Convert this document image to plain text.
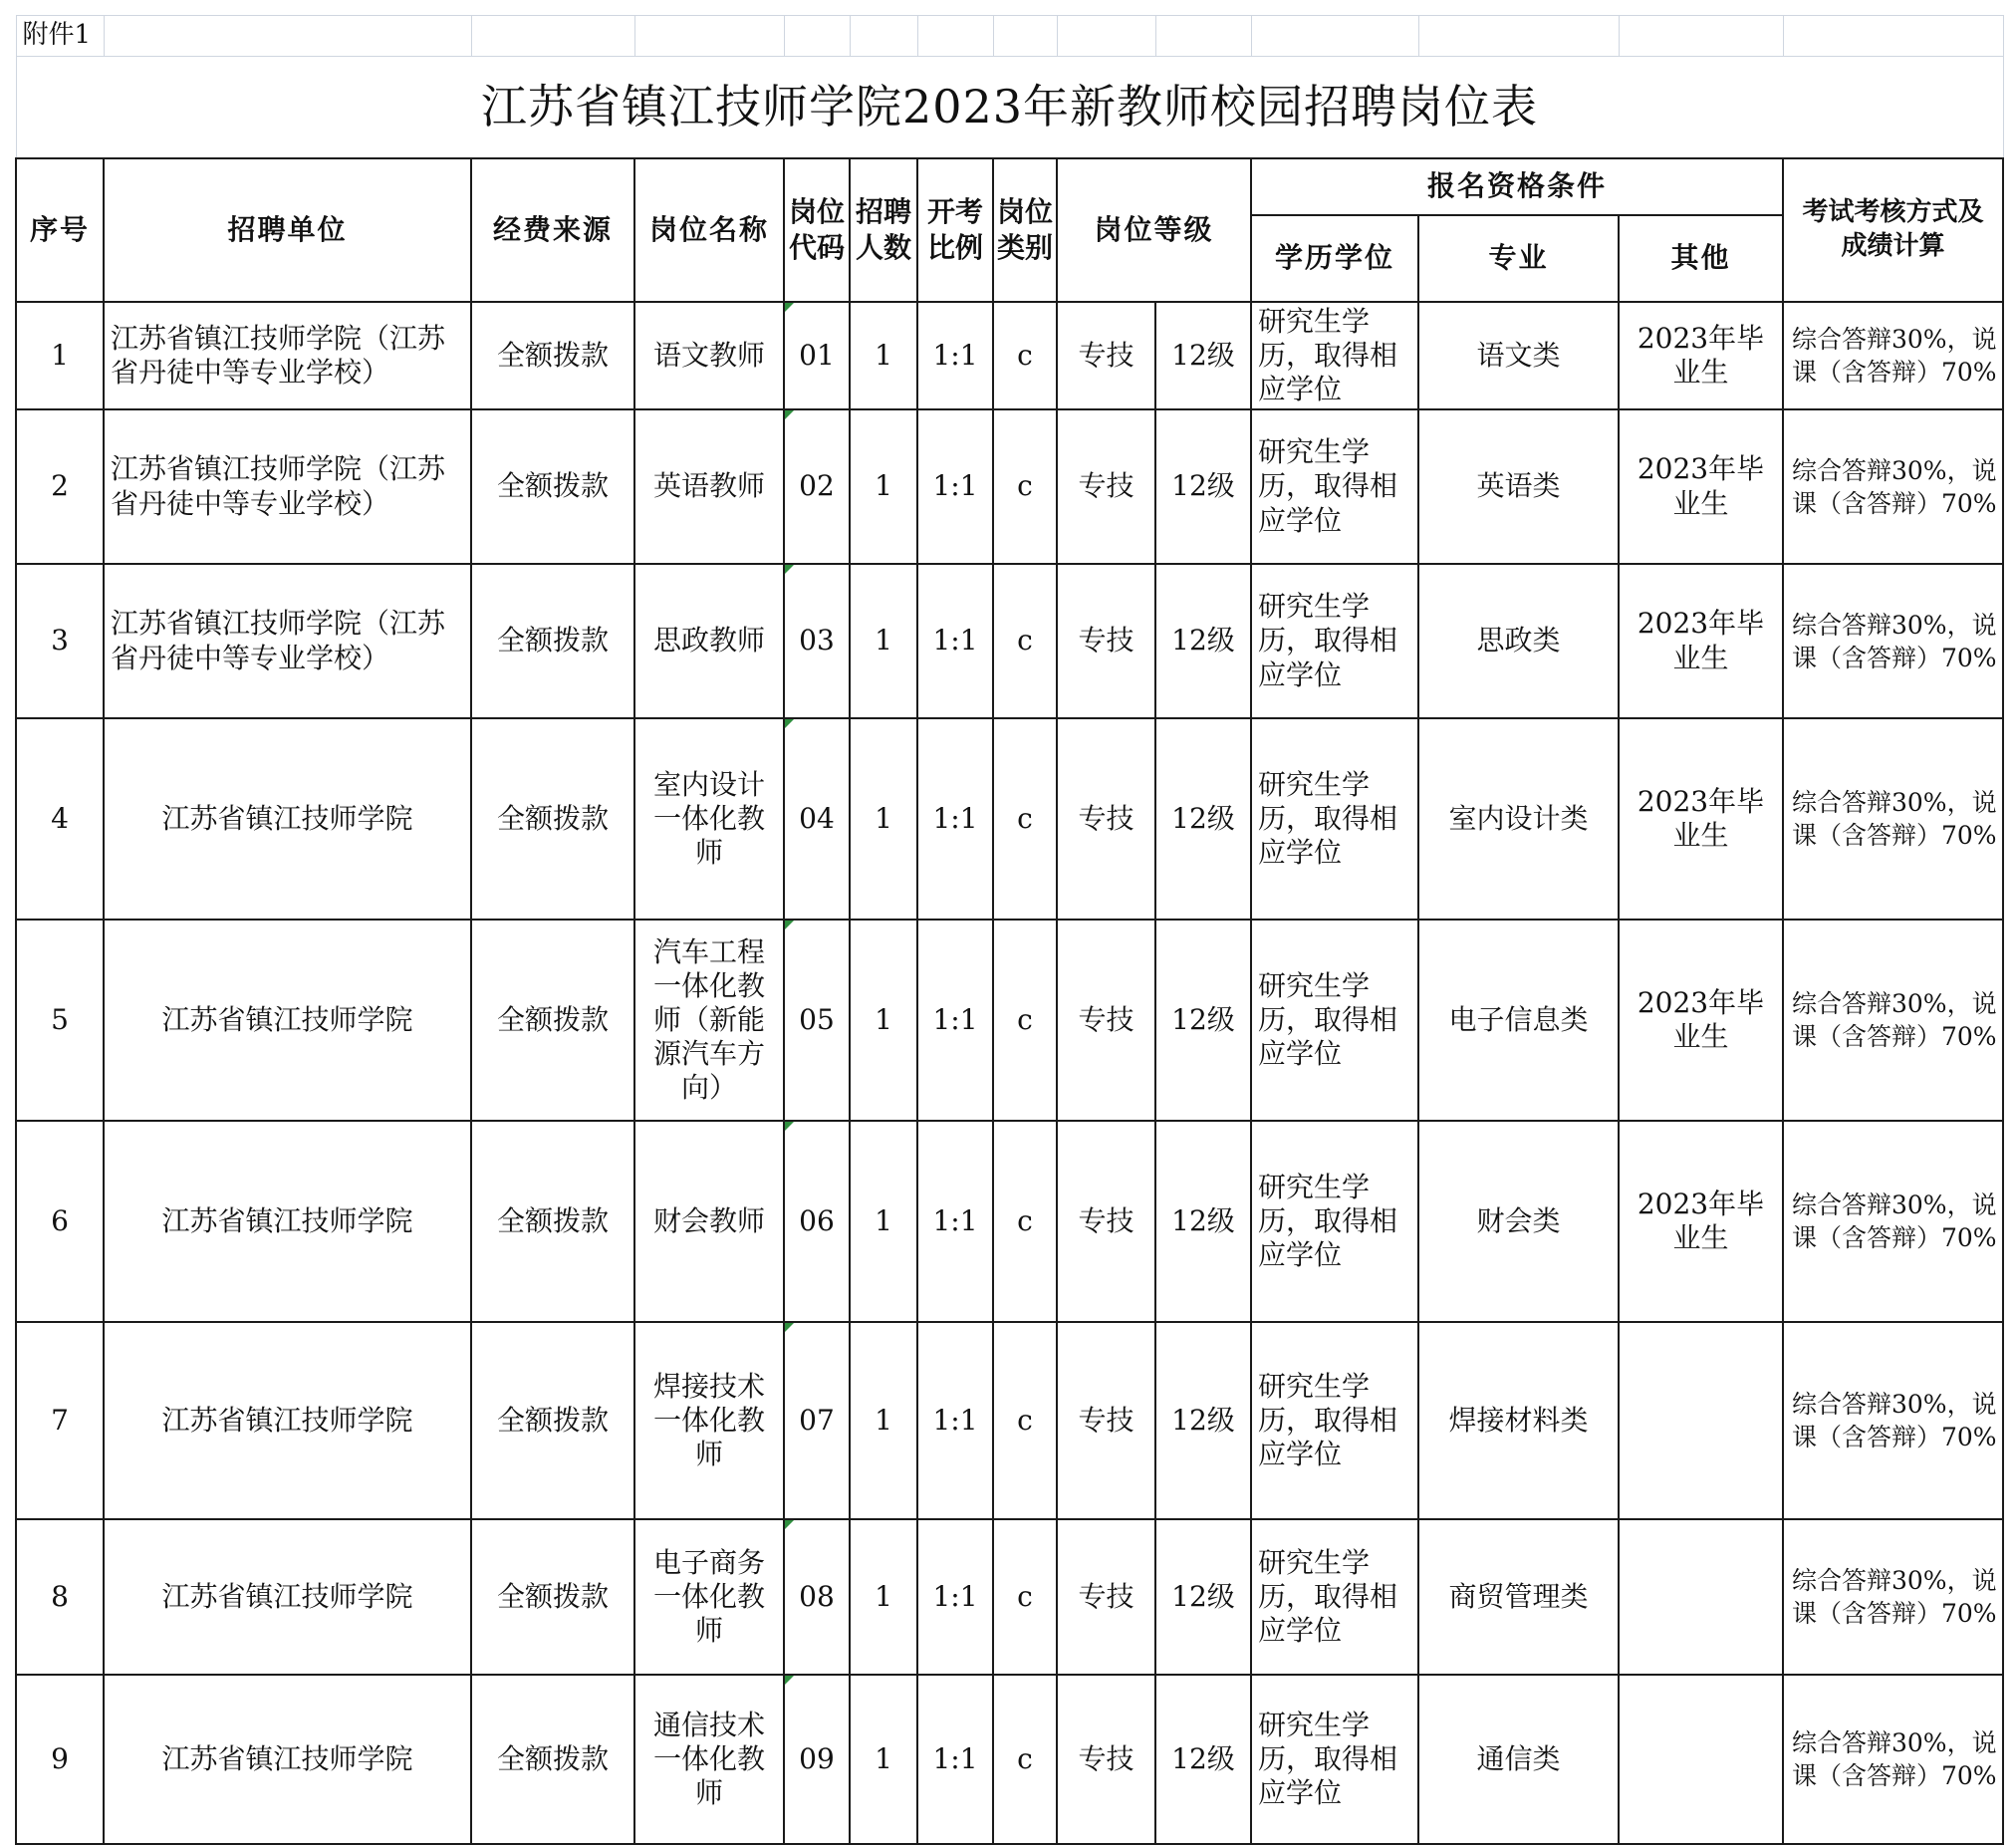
附件1													
江苏省镇江技师学院2023年新教师校园招聘岗位表													
序号	招聘单位	经费来源	岗位名称	岗位代码	招聘人数	开考比例	岗位类别	岗位等级		报名资格条件			考试考核方式及成绩计算
										学历学位	专业	其他	
1	江苏省镇江技师学院（江苏省丹徒中等专业学校）	全额拨款	语文教师	01	1	1:1	c	专技	12级	研究生学历，取得相应学位	语文类	2023年毕业生	综合答辩30%，说课（含答辩）70%
2	江苏省镇江技师学院（江苏省丹徒中等专业学校）	全额拨款	英语教师	02	1	1:1	c	专技	12级	研究生学历，取得相应学位	英语类	2023年毕业生	综合答辩30%，说课（含答辩）70%
3	江苏省镇江技师学院（江苏省丹徒中等专业学校）	全额拨款	思政教师	03	1	1:1	c	专技	12级	研究生学历，取得相应学位	思政类	2023年毕业生	综合答辩30%，说课（含答辩）70%
4	江苏省镇江技师学院	全额拨款	室内设计一体化教师	04	1	1:1	c	专技	12级	研究生学历，取得相应学位	室内设计类	2023年毕业生	综合答辩30%，说课（含答辩）70%
5	江苏省镇江技师学院	全额拨款	汽车工程一体化教师（新能源汽车方向）	05	1	1:1	c	专技	12级	研究生学历，取得相应学位	电子信息类	2023年毕业生	综合答辩30%，说课（含答辩）70%
6	江苏省镇江技师学院	全额拨款	财会教师	06	1	1:1	c	专技	12级	研究生学历，取得相应学位	财会类	2023年毕业生	综合答辩30%，说课（含答辩）70%
7	江苏省镇江技师学院	全额拨款	焊接技术一体化教师	07	1	1:1	c	专技	12级	研究生学历，取得相应学位	焊接材料类		综合答辩30%，说课（含答辩）70%
8	江苏省镇江技师学院	全额拨款	电子商务一体化教师	08	1	1:1	c	专技	12级	研究生学历，取得相应学位	商贸管理类		综合答辩30%，说课（含答辩）70%
9	江苏省镇江技师学院	全额拨款	通信技术一体化教师	09	1	1:1	c	专技	12级	研究生学历，取得相应学位	通信类		综合答辩30%，说课（含答辩）70%
